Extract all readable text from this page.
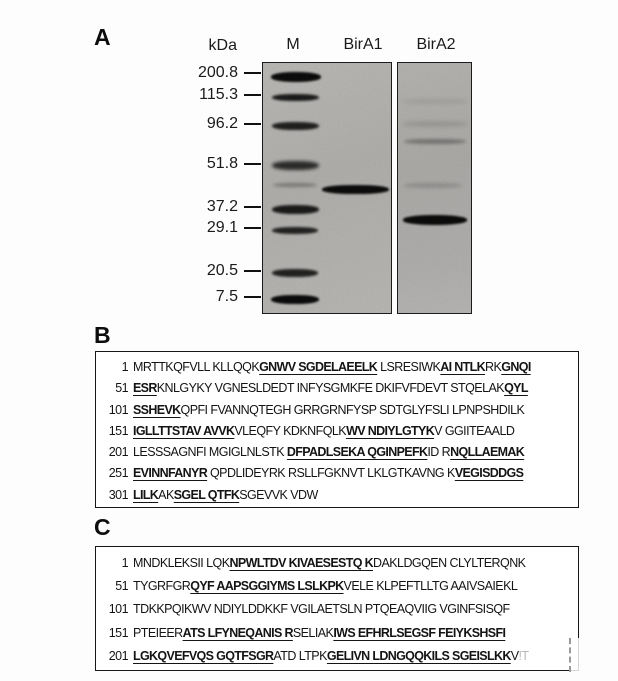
A	kDa	M	BirA1 BirA2
200.8
115.3
96.2
51.8
37.2
29.1
20.5
7.5
B
1 MRTTKQFVLL KLLQQKGNWV SGDELAEELK LSRESIWKAI NTLKRKGNQI
51 ESRKNLGYKY VGNESLDEDT INFYSGMKFE DKIFVFDEVT STQELAKQYL
101 SSHEVKQPFI FVANNQTEGH GRRGRNFYSP SDTGLYFSLI LPNPSHDILK
151 IGLLTTSTAV AVVKVLEQFY KDKNFQLKWV NDIYLGTYKV GGIITEAALD
201 LESSSAGNFI MGIGLNLSTK DFPADLSEKA QGINPEFKID RNQLLAEMAK
251 EVINNFANYR QPDLIDEYRK RSLLFGKNVT LKLGTKAVNG KVEGISDDGS
301 LILKAKSGEL QTFKSGEVVK VDW
C
1 MNDKLEKSII LQKNPWLTDV KIVAESESTQ KDAKLDGQEN CLYLTERQNK
51 TYGRFGRQYF AAPSGGIYMS LSLKPKVELE KLPEFTLLTG AAIVSAIEKL
101 TDKKPQIKWV NDIYLDDKKF VGILAETSLN PTQEAQVIIG VGINFSISQF
151 PTEIEERATS LFYNEQANIS RSELIAKIWS EFHRLSEGSF FEIYKSHSFI
201 LGKQVEFVQS GQTFSGRATD LTPKGELIVN LDNGQQKILS SGEISLKKV!T
